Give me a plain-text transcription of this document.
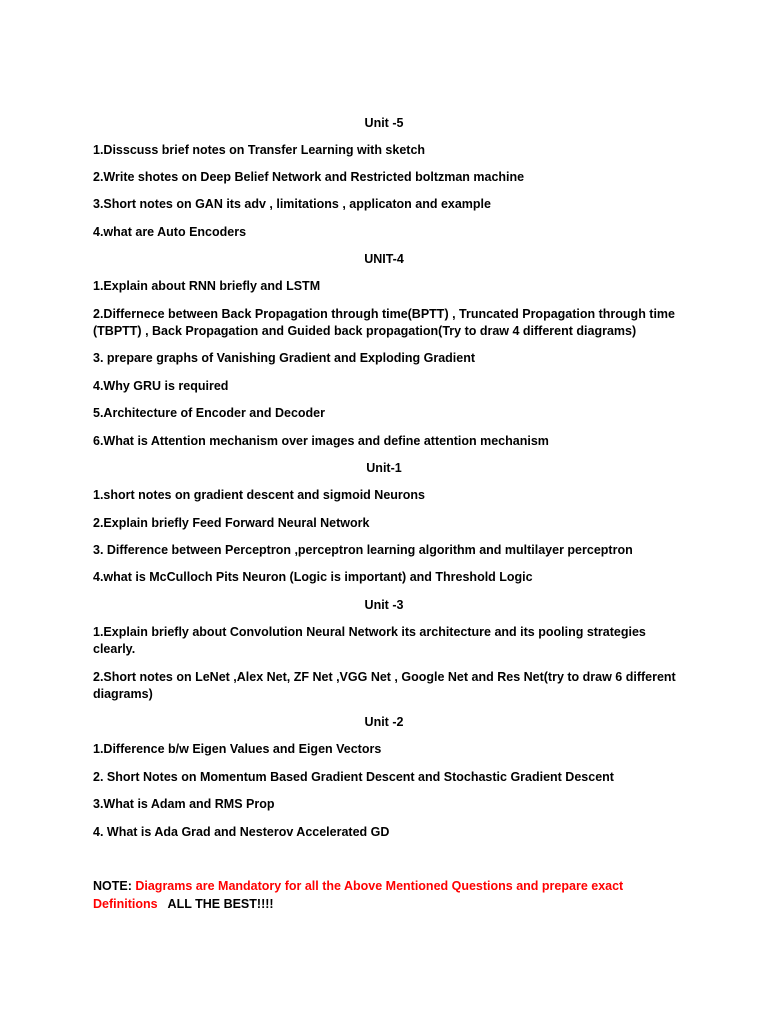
Unit -5

1.Disscuss brief notes on Transfer Learning with sketch

2.Write shotes on Deep Belief Network and Restricted boltzman machine

3.Short notes on GAN its adv , limitations , applicaton and example

4.what are Auto Encoders

UNIT-4

1.Explain about RNN briefly and LSTM

2.Differnece between Back Propagation through time(BPTT) , Truncated Propagation through time

(TBPTT) , Back Propagation and Guided back propagation(Try to draw 4 different diagrams)

3. prepare graphs of Vanishing Gradient and Exploding Gradient

4.Why GRU is required

5.Architecture of Encoder and Decoder

6.What is Attention mechanism over images and define attention mechanism

Unit-1

1.short notes on gradient descent and sigmoid Neurons

2.Explain briefly Feed Forward Neural Network

3. Difference between Perceptron ,perceptron learning algorithm and multilayer perceptron

4.what is McCulloch Pits Neuron (Logic is important) and Threshold Logic

Unit -3

1.Explain briefly about Convolution Neural Network its architecture and its pooling strategies

clearly.

2.Short notes on LeNet ,Alex Net, ZF Net ,VGG Net , Google Net and Res Net(try to draw 6 different

diagrams)

Unit -2

1.Difference b/w Eigen Values and Eigen Vectors

2. Short Notes on Momentum Based Gradient Descent and Stochastic Gradient Descent

3.What is Adam and RMS Prop

4. What is Ada Grad and Nesterov Accelerated GD

NOTE: Diagrams are Mandatory for all the Above Mentioned Questions and prepare exact

Definitions   ALL THE BEST!!!!
